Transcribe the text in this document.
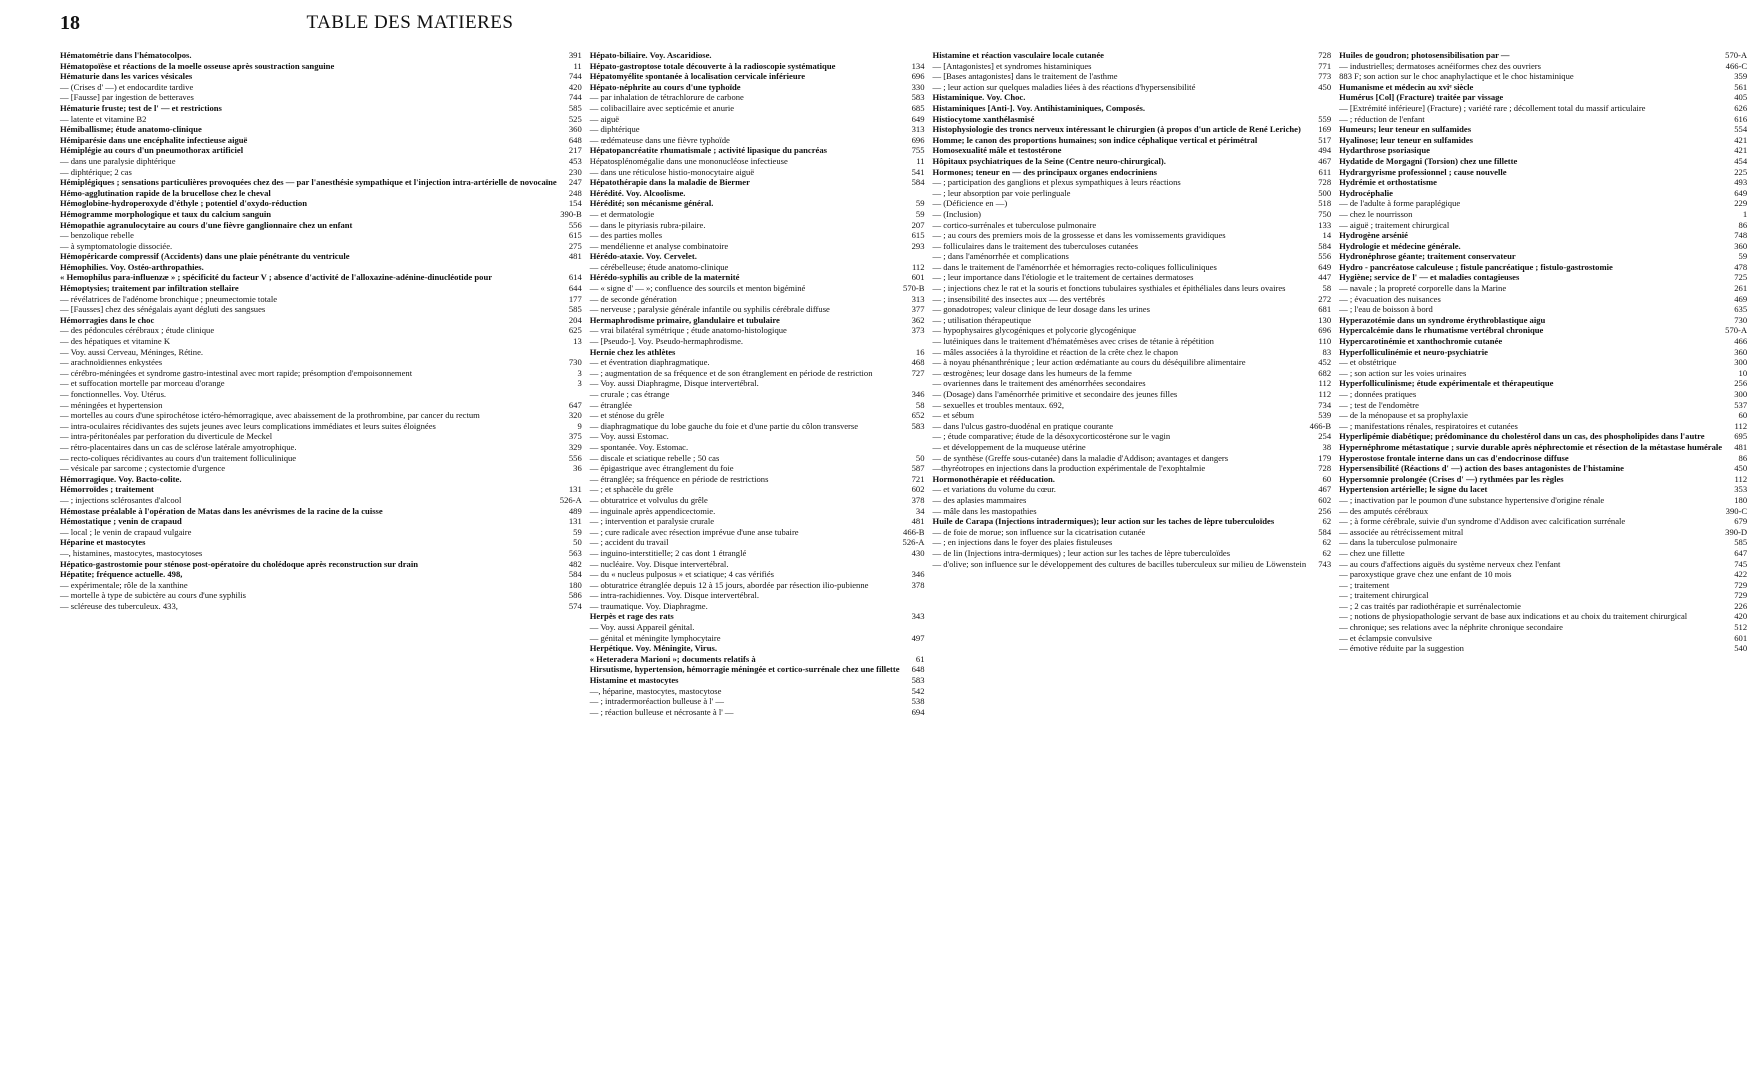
18	TABLE DES MATIERES
Hématométrie dans l'hématocolpos.	391
Hématopoïèse et réactions de la moelle osseuse après soustraction sanguine	11
Hématurie dans les varices vésicales	744
— (Crises d' —) et endocardite tardive	420
— [Fausse] par ingestion de betteraves	744
Hématurie fruste; test de l' — et restrictions	585
— latente et vitamine B2	525
Hémiballisme; étude anatomo-clinique	360
Hémiparésie dans une encéphalite infectieuse aiguë	648
Hémiplégie au cours d'un pneumothorax artificiel	217
— dans une paralysie diphtérique	453
— diphtérique; 2 cas	230
Hémiplégiques ; sensations particulières provoquées chez des — par l'anesthésie sympathique et l'injection intra-artérielle de novocaïne	247
Hémo-agglutination rapide de la brucellose chez le cheval	248
Hémoglobine-hydroperoxyde d'éthyle ; potentiel d'oxydo-réduction	154
Hémogramme morphologique et taux du calcium sanguin	390-B
Hémopathie agranulocytaire au cours d'une fièvre ganglionnaire chez un enfant	556
— benzolique rebelle	615
— à symptomatologie dissociée.	275
Hémopéricarde compressif (Accidents) dans une plaie pénétrante du ventricule	481
Hémophilies. Voy. Ostéo-arthropathies.
« Hemophilus para-influenzæ » ; spécificité du facteur V ; absence d'activité de l'alloxazine-adénine-dinucléotide pour	614
Hémoptysies; traitement par infiltration stellaire	644
— révélatrices de l'adénome bronchique ; pneumectomie totale	177
— [Fausses] chez des sénégalais ayant dégluti des sangsues	585
Hémorragies dans le choc	204
— des pédoncules cérébraux ; étude clinique	625
— des hépatiques et vitamine K	13
— Voy. aussi Cerveau, Méninges, Rétine.
— arachnoïdiennes enkystées	730
— cérébro-méningées et syndrome gastro-intestinal avec mort rapide; présomption d'empoisonnement	3
— et suffocation mortelle par morceau d'orange	3
— fonctionnelles. Voy. Utérus.
— méningées et hypertension	647
— mortelles au cours d'une spirochétose ictéro-hémorragique, avec abaissement de la prothrombine, par cancer du rectum	320
— intra-oculaires récidivantes des sujets jeunes avec leurs complications immédiates et leurs suites éloignées	9
— intra-péritonéales par perforation du diverticule de Meckel	375
— rétro-placentaires dans un cas de sclérose latérale amyotrophique.	329
— recto-coliques récidivantes au cours d'un traitement folliculinique	556
— vésicale par sarcome ; cystectomie d'urgence	36
Hémorragique. Voy. Bacto-colite.
Hémorroïdes ; traitement	131
— ; injections sclérosantes d'alcool	526-A
Hémostase préalable à l'opération de Matas dans les anévrismes de la racine de la cuisse	489
Hémostatique ; venin de crapaud	131
— local ; le venin de crapaud vulgaire	59
Héparine et mastocytes	50
—, histamines, mastocytes, mastocytoses	563
Hépatico-gastrostomie pour sténose post-opératoire du cholédoque après reconstruction sur drain	482
Hépatite; fréquence actuelle. 498,	584
— expérimentale; rôle de la xanthine	180
— mortelle à type de subictère au cours d'une syphilis	586
— scléreuse des tuberculeux. 433,	574
Hépato-biliaire. Voy. Ascaridiose.
Hépato-gastroptose totale découverte à la radioscopie systématique	134
Hépatomyélite spontanée à localisation cervicale inférieure	696
Hépato-néphrite au cours d'une typhoïde	330
— par inhalation de tétrachlorure de carbone	583
— colibacillaire avec septicémie et anurie	685
— aiguë	649
— diphtérique	313
— œdémateuse dans une fièvre typhoïde	696
Hépatopancréatite rhumatismale ; activité lipasique du pancréas	755
Hépatosplénomégalie dans une mononucléose infectieuse	11
— dans une réticulose histio-monocytaire aiguë	541
Hépatothérapie dans la maladie de Biermer	584
Hérédité. Voy. Alcoolisme.
Hérédité; son mécanisme général.	59
— et dermatologie	59
— dans le pityriasis rubra-pilaire.	207
— des parties molles	615
— mendélienne et analyse combinatoire	293
Hérédo-ataxie. Voy. Cervelet.
— cérébelleuse; étude anatomo-clinique	112
Hérédo-syphilis au crible de la maternité	601
— « signe d' — »; confluence des sourcils et menton bigéminé	570-B
— de seconde génération	313
— nerveuse ; paralysie générale infantile ou syphilis cérébrale diffuse	377
Hermaphrodisme primaire, glandulaire et tubulaire	362
— vrai bilatéral symétrique ; étude anatomo-histologique	373
— [Pseudo-]. Voy. Pseudo-hermaphrodisme.
Hernie chez les athlètes	16
— et éventration diaphragmatique.	468
— ; augmentation de sa fréquence et de son étranglement en période de restriction	727
— Voy. aussi Diaphragme, Disque intervertébral.
— crurale ; cas étrange	346
— étranglée	58
— et sténose du grêle	652
— diaphragmatique du lobe gauche du foie et d'une partie du côlon transverse	583
— Voy. aussi Estomac.
— spontanée. Voy. Estomac.
— discale et sciatique rebelle ; 50 cas	50
— épigastrique avec étranglement du foie	587
— étranglée; sa fréquence en période de restrictions	721
— ; et sphacèle du grêle	602
— obturatrice et volvulus du grêle	378
— inguinale après appendicectomie.	34
— ; intervention et paralysie crurale	481
— ; cure radicale avec résection imprévue d'une anse tubaire	466-B
— ; accident du travail	526-A
— inguino-interstitielle; 2 cas dont 1 étranglé	430
— nucléaire. Voy. Disque intervertébral.
— du « nucleus pulposus » et sciatique; 4 cas vérifiés	346
— obturatrice étranglée depuis 12 à 15 jours, abordée par résection ilio-pubienne	378
— intra-rachidiennes. Voy. Disque intervertébral.
— traumatique. Voy. Diaphragme.
Herpès et rage des rats	343
— Voy. aussi Appareil génital.
— génital et méningite lymphocytaire	497
Herpétique. Voy. Méningite, Virus.
« Heteradera Marioni »; documents relatifs à	61
Hirsutisme, hypertension, hémorragie méningée et cortico-surrénale chez une fillette	648
Histamine et mastocytes	583
—, héparine, mastocytes, mastocytose	542
— ; intradermoréaction bulleuse à l' —	538
— ; réaction bulleuse et nécrosante à l' —	694
Histamine et réaction vasculaire locale cutanée	728
— [Antagonistes] et syndromes histaminiques	771
— [Bases antagonistes] dans le traitement de l'asthme	773
— ; leur action sur quelques maladies liées à des réactions d'hypersensibilité	450
Histaminique. Voy. Choc.
Histaminiques [Anti-]. Voy. Antihistaminiques, Composés.
Histiocytome xanthélasmisé	559
Histophysiologie des troncs nerveux intéressant le chirurgien (à propos d'un article de René Leriche)	169
Homme; le canon des proportions humaines; son indice céphalique vertical et périmétral	517
Homosexualité mâle et testostérone	494
Hôpitaux psychiatriques de la Seine (Centre neuro-chirurgical).	467
Hormones; teneur en — des principaux organes endocriniens	611
— ; participation des ganglions et plexus sympathiques à leurs réactions	728
— ; leur absorption par voie perlinguale	500
— (Déficience en —)	518
— (Inclusion)	750
— cortico-surrénales et tuberculose pulmonaire	133
— ; au cours des premiers mois de la grossesse et dans les vomissements gravidiques	14
— folliculaires dans le traitement des tuberculoses cutanées	584
— ; dans l'aménorrhée et complications	556
— dans le traitement de l'aménorrhée et hémorragies recto-coliques folliculiniques	649
— ; leur importance dans l'étiologie et le traitement de certaines dermatoses	447
— ; injections chez le rat et la souris et fonctions tubulaires systhiales et épithéliales dans leurs ovaires	58
— ; insensibilité des insectes aux — des vertébrés	272
— gonadotropes; valeur clinique de leur dosage dans les urines	681
— ; utilisation thérapeutique	130
— hypophysaires glycogéniques et polycorie glycogénique	696
— lutéiniques dans le traitement d'hématémèses avec crises de tétanie à répétition	110
— mâles associées à la thyroïdine et réaction de la crête chez le chapon	83
— à noyau phénanthrénique ; leur action œdématiante au cours du déséquilibre alimentaire	452
— œstrogènes; leur dosage dans les humeurs de la femme	682
— ovariennes dans le traitement des aménorrhées secondaires	112
— (Dosage) dans l'aménorrhée primitive et secondaire des jeunes filles	112
— sexuelles et troubles mentaux. 692,	734
— et sébum	539
— dans l'ulcus gastro-duodénal en pratique courante	466-B
— ; étude comparative; étude de la désoxycorticostérone sur le vagin	254
— et développement de la muqueuse utérine	38
— de synthèse (Greffe sous-cutanée) dans la maladie d'Addison; avantages et dangers	179
—thyréotropes en injections dans la production expérimentale de l'exophtalmie	728
Hormonothérapie et rééducation.	60
— et variations du volume du cœur.	467
— des aplasies mammaires	602
— mâle dans les mastopathies	256
Huile de Carapa (Injections intradermiques); leur action sur les taches de lèpre tuberculoïdes	62
— de foie de morue; son influence sur la cicatrisation cutanée	584
— ; en injections dans le foyer des plaies fistuleuses	62
— de lin (Injections intra-dermiques) ; leur action sur les taches de lèpre tuberculoïdes	62
— d'olive; son influence sur le développement des cultures de bacilles tuberculeux sur milieu de Löwenstein	743
Huiles de goudron; photosensibilisation par —	570-A
— industrielles; dermatoses acnéiformes chez des ouvriers	466-C
883 F; son action sur le choc anaphylactique et le choc histaminique	359
Humanisme et médecin au xviᵉ siècle	561
Humérus [Col] (Fracture) traitée par vissage	405
— [Extrémité inférieure] (Fracture) ; variété rare ; décollement total du massif articulaire	626
— ; réduction de l'enfant	616
Humeurs; leur teneur en sulfamides	554
Hyalinose; leur teneur en sulfamides	421
Hydarthrose psoriasique	421
Hydatide de Morgagni (Torsion) chez une fillette	454
Hydrargyrisme professionnel ; cause nouvelle	225
Hydrémie et orthostatisme	493
Hydrocéphalie	649
— de l'adulte à forme paraplégique	229
— chez le nourrisson	1
— aiguë ; traitement chirurgical	86
Hydrogène arsénié	748
Hydrologie et médecine générale.	360
Hydronéphrose géante; traitement conservateur	59
Hydro - pancréatose calculeuse ; fistule pancréatique ; fistulo-gastrostomie	478
Hygiène; service de l' — et maladies contagieuses	725
— navale ; la propreté corporelle dans la Marine	261
— ; évacuation des nuisances	469
— ; l'eau de boisson à bord	635
Hyperazotémie dans un syndrome érythroblastique aigu	730
Hypercalcémie dans le rhumatisme vertébral chronique	570-A
Hypercarotinémie et xanthochromie cutanée	466
Hyperfolliculinémie et neuro-psychiatrie	360
— et obstétrique	300
— ; son action sur les voies urinaires	10
Hyperfolliculinisme; étude expérimentale et thérapeutique	256
— ; données pratiques	300
— ; test de l'endomètre	537
— de la ménopause et sa prophylaxie	60
— ; manifestations rénales, respiratoires et cutanées	112
Hyperlipémie diabétique; prédominance du cholestérol dans un cas, des phospholipides dans l'autre	695
Hypernéphrome métastatique ; survie durable après néphrectomie et résection de la métastase humérale	481
Hyperostose frontale interne dans un cas d'endocrinose diffuse	86
Hypersensibilité (Réactions d' —) action des bases antagonistes de l'histamine	450
Hypersomnie prolongée (Crises d' —) rythmées par les règles	112
Hypertension artérielle; le signe du lacet	353
— ; inactivation par le poumon d'une substance hypertensive d'origine rénale	180
— des amputés cérébraux	390-C
— ; à forme cérébrale, suivie d'un syndrome d'Addison avec calcification surrénale	679
— associée au rétrécissement mitral	390-D
— dans la tuberculose pulmonaire	585
— chez une fillette	647
— au cours d'affections aiguës du système nerveux chez l'enfant	745
— paroxystique grave chez une enfant de 10 mois	422
— ; traitement	729
— ; traitement chirurgical	729
— ; 2 cas traités par radiothérapie et surrénalectomie	226
— ; notions de physiopathologie servant de base aux indications et au choix du traitement chirurgical	420
— chronique; ses relations avec la néphrite chronique secondaire	512
— et éclampsie convulsive	601
— émotive réduite par la suggestion	540
